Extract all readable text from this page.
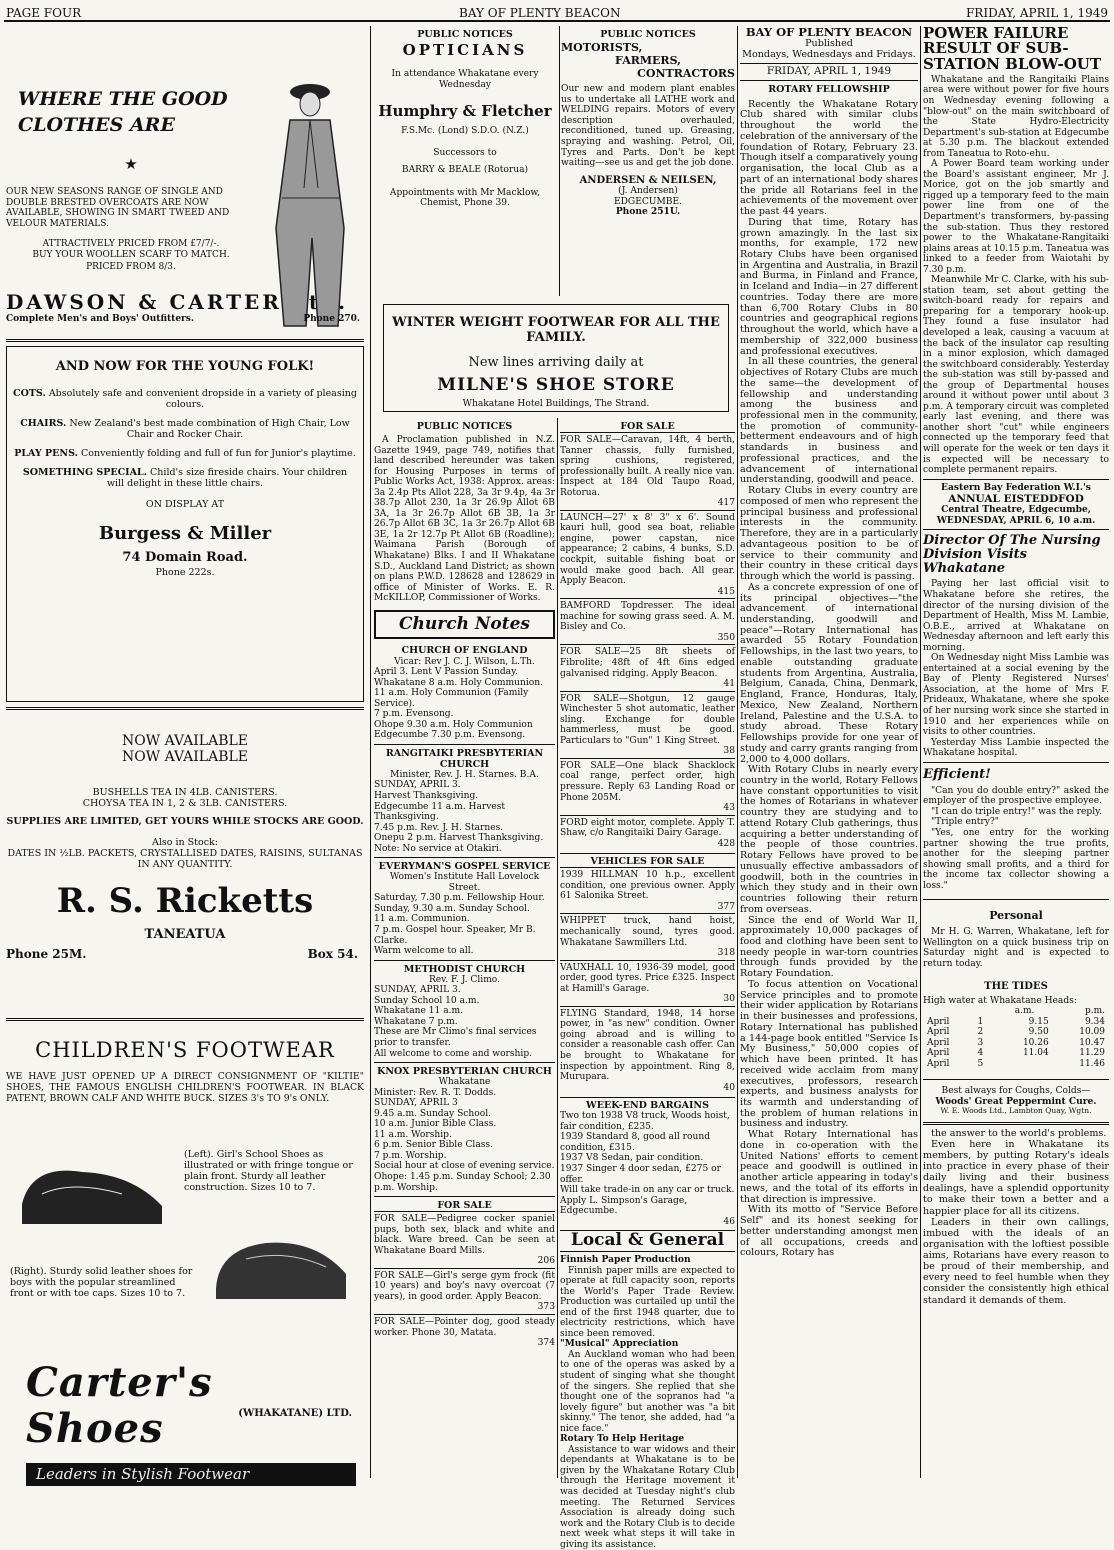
PAGE FOUR	BAY OF PLENTY BEACON	FRIDAY, APRIL 1, 1949
WHERE THE GOOD
CLOTHES ARE
★
OUR NEW SEASONS RANGE OF SINGLE AND DOUBLE BRESTED OVERCOATS ARE NOW AVAILABLE, SHOWING IN SMART TWEED AND VELOUR MATERIALS.
ATTRACTIVELY PRICED FROM £7/7/-.
BUY YOUR WOOLLEN SCARF TO MATCH.
PRICED FROM 8/3.
DAWSON & CARTER Ltd.
Complete Men's and Boys' Outfitters.	Phone 270.
AND NOW FOR THE YOUNG FOLK!
COTS. Absolutely safe and convenient dropside in a variety of pleasing colours.
CHAIRS. New Zealand's best made combination of High Chair, Low Chair and Rocker Chair.
PLAY PENS. Conveniently folding and full of fun for Junior's playtime.
SOMETHING SPECIAL. Child's size fireside chairs. Your children will delight in these little chairs.
ON DISPLAY AT
Burgess & Miller
74 Domain Road.
Phone 222s.
NOW AVAILABLE
NOW AVAILABLE
BUSHELLS TEA IN 4LB. CANISTERS.
CHOYSA TEA IN 1, 2 & 3LB. CANISTERS.
SUPPLIES ARE LIMITED, GET YOURS WHILE STOCKS ARE GOOD.
Also in Stock:
DATES IN ½LB. PACKETS, CRYSTALLISED DATES, RAISINS, SULTANAS IN ANY QUANTITY.
R. S. Ricketts
TANEATUA
Phone 25M.	Box 54.
CHILDREN'S FOOTWEAR
WE HAVE JUST OPENED UP A DIRECT CONSIGNMENT OF "KILTIE" SHOES, THE FAMOUS ENGLISH CHILDREN'S FOOTWEAR. IN BLACK PATENT, BROWN CALF AND WHITE BUCK. SIZES 3's TO 9's ONLY.
(Left). Girl's School Shoes as illustrated or with fringe tongue or plain front. Sturdy all leather construction. Sizes 10 to 7.
(Right). Sturdy solid leather shoes for boys with the popular streamlined front or with toe caps. Sizes 10 to 7.
Carter's Shoes	(WHAKATANE) LTD.
Leaders in Stylish Footwear
PUBLIC NOTICES
OPTICIANS
In attendance Whakatane every
Wednesday
Humphry & Fletcher
F.S.Mc. (Lond) S.D.O. (N.Z.)
Successors to
BARRY & BEALE (Rotorua)
Appointments with Mr Macklow, Chemist, Phone 39.
PUBLIC NOTICES
MOTORISTS,
FARMERS,
CONTRACTORS
Our new and modern plant enables us to undertake all LATHE work and WELDING repairs. Motors of every description overhauled, reconditioned, tuned up. Greasing, spraying and washing. Petrol, Oil, Tyres and Parts. Don't be kept waiting—see us and get the job done.
ANDERSEN & NEILSEN,
(J. Andersen)
EDGECUMBE.
Phone 251U.
WINTER WEIGHT FOOTWEAR FOR ALL THE FAMILY.
New lines arriving daily at
MILNE'S SHOE STORE
Whakatane Hotel Buildings, The Strand.
PUBLIC NOTICES

A Proclamation published in N.Z. Gazette 1949, page 749, notifies that land described hereunder was taken for Housing Purposes in terms of Public Works Act, 1938: Approx. areas: 3a 2.4p Pts Allot 228, 3a 3r 9.4p, 4a 3r 38.7p Allot 230, 1a 3r 26.9p Allot 6B 3A, 1a 3r 26.7p Allot 6B 3B, 1a 3r 26.7p Allot 6B 3C, 1a 3r 26.7p Allot 6B 3E, 1a 2r 12.7p Pt Allot 6B (Roadline); Waimana Parish (Borough of Whakatane) Blks. I and II Whakatane S.D., Auckland Land District; as shown on plans P.W.D. 128628 and 128629 in office of Minister of Works. E. R. McKILLOP, Commissioner of Works.

Church Notes
CHURCH OF ENGLAND
Vicar: Rev J. C. J. Wilson, L.Th.
April 3. Lent V Passion Sunday. Whakatane 8 a.m. Holy Communion.
11 a.m. Holy Communion (Family Service).
7 p.m. Evensong.
Ohope 9.30 a.m. Holy Communion
Edgecumbe 7.30 p.m. Evensong.
RANGITAIKI PRESBYTERIAN CHURCH
Minister, Rev. J. H. Starnes. B.A.
SUNDAY, APRIL 3.
Harvest Thanksgiving.
Edgecumbe 11 a.m. Harvest Thanksgiving.
7.45 p.m. Rev. J. H. Starnes.
Onepu 2 p.m. Harvest Thanksgiving.
Note: No service at Otakiri.
EVERYMAN'S GOSPEL SERVICE
Women's Institute Hall Lovelock Street.
Saturday, 7.30 p.m. Fellowship Hour.
Sunday, 9.30 a.m. Sunday School.
11 a.m. Communion.
7 p.m. Gospel hour. Speaker, Mr B. Clarke.
Warm welcome to all.
METHODIST CHURCH
Rev. F. J. Climo.
SUNDAY, APRIL 3.
Sunday School 10 a.m.
Whakatane 11 a.m.
Whakatane 7 p.m.
These are Mr Climo's final services prior to transfer.
All welcome to come and worship.
KNOX PRESBYTERIAN CHURCH
Whakatane
Minister: Rev. R. T. Dodds.
SUNDAY, APRIL 3
9.45 a.m. Sunday School.
10 a.m. Junior Bible Class.
11 a.m. Worship.
6 p.m. Senior Bible Class.
7 p.m. Worship.
Social hour at close of evening service.
Ohope: 1.45 p.m. Sunday School; 2.30 p.m. Worship.
FOR SALE
FOR SALE—Pedigree cocker spaniel pups, both sex, black and white and black. Ware breed. Can be seen at Whakatane Board Mills.
206
FOR SALE—Girl's serge gym frock (fit 10 years) and boy's navy overcoat (7 years), in good order. Apply Beacon.
373
FOR SALE—Pointer dog, good steady worker. Phone 30, Matata.
374
FOR SALE
FOR SALE—Caravan, 14ft, 4 berth, Tanner chassis, fully furnished, spring cushions, registered, professionally built. A really nice van. Inspect at 184 Old Taupo Road, Rotorua.
417
LAUNCH—27' x 8' 3" x 6'. Sound kauri hull, good sea boat, reliable engine, power capstan, nice appearance; 2 cabins, 4 bunks, S.D. cockpit, suitable fishing boat or would make good bach. All gear. Apply Beacon.
415
BAMFORD Topdresser. The ideal machine for sowing grass seed. A. M. Bisley and Co.
350
FOR SALE—25 8ft sheets of Fibrolite; 48ft of 4ft 6ins edged galvanised ridging. Apply Beacon.
41
FOR SALE—Shotgun, 12 gauge Winchester 5 shot automatic, leather sling. Exchange for double hammerless, must be good. Particulars to "Gun" 1 King Street.
38
FOR SALE—One black Shacklock coal range, perfect order, high pressure. Reply 63 Landing Road or Phone 205M.
43
FORD eight motor, complete. Apply T. Shaw, c/o Rangitaiki Dairy Garage.
428
VEHICLES FOR SALE
1939 HILLMAN 10 h.p., excellent condition, one previous owner. Apply 61 Salonika Street.
377
WHIPPET truck, hand hoist, mechanically sound, tyres good. Whakatane Sawmillers Ltd.
318
VAUXHALL 10, 1936-39 model, good order, good tyres. Price £325. Inspect at Hamill's Garage.
30
FLYING Standard, 1948, 14 horse power, in "as new" condition. Owner going abroad and is willing to consider a reasonable cash offer. Can be brought to Whakatane for inspection by appointment. Ring 8, Murupara.
40
WEEK-END BARGAINS
Two ton 1938 V8 truck, Woods hoist, fair condition, £235.
1939 Standard 8, good all round condition, £315.
1937 V8 Sedan, pair condition.
1937 Singer 4 door sedan, £275 or offer.
Will take trade-in on any car or truck.
Apply L. Simpson's Garage, Edgecumbe.
46
Local & General
Finnish Paper Production

Finnish paper mills are expected to operate at full capacity soon, reports the World's Paper Trade Review. Production was curtailed up until the end of the first 1948 quarter, due to electricity restrictions, which have since been removed.

"Musical" Appreciation

An Auckland woman who had been to one of the operas was asked by a student of singing what she thought of the singers. She replied that she thought one of the sopranos had "a lovely figure" but another was "a bit skinny." The tenor, she added, had "a nice face."

Rotary To Help Heritage

Assistance to war widows and their dependants at Whakatane is to be given by the Whakatane Rotary Club through the Heritage movement it was decided at Tuesday night's club meeting. The Returned Services Association is already doing such work and the Rotary Club is to decide next week what steps it will take in giving its assistance.

BAY OF PLENTY BEACON
Published
Mondays, Wednesdays and Fridays.
FRIDAY, APRIL 1, 1949
ROTARY FELLOWSHIP

Recently the Whakatane Rotary Club shared with similar clubs throughout the world the celebration of the anniversary of the foundation of Rotary, February 23. Though itself a comparatively young organisation, the local Club as a part of an international body shares the pride all Rotarians feel in the achievements of the movement over the past 44 years.

During that time, Rotary has grown amazingly. In the last six months, for example, 172 new Rotary Clubs have been organised in Argentina and Australia, in Brazil and Burma, in Finland and France, in Iceland and India—in 27 different countries. Today there are more than 6,700 Rotary Clubs in 80 countries and geographical regions throughout the world, which have a membership of 322,000 business and professional executives.

In all these countries, the general objectives of Rotary Clubs are much the same—the development of fellowship and understanding among the business and professional men in the community, the promotion of community-betterment endeavours and of high standards in business and professional practices, and the advancement of international understanding, goodwill and peace.

Rotary Clubs in every country are composed of men who represent the principal business and professional interests in the community. Therefore, they are in a particularly advantageous position to be of service to their community and their country in these critical days through which the world is passing.

As a concrete expression of one of its principal objectives—"the advancement of international understanding, goodwill and peace"—Rotary International has awarded 55 Rotary Foundation Fellowships, in the last two years, to enable outstanding graduate students from Argentina, Australia, Belgium, Canada, China, Denmark, England, France, Honduras, Italy, Mexico, New Zealand, Northern Ireland, Palestine and the U.S.A. to study abroad. These Rotary Fellowships provide for one year of study and carry grants ranging from 2,000 to 4,000 dollars.

With Rotary Clubs in nearly every country in the world, Rotary Fellows have constant opportunities to visit the homes of Rotarians in whatever country they are studying and to attend Rotary Club gatherings, thus acquiring a better understanding of the people of those countries. Rotary Fellows have proved to be unusually effective ambassadors of goodwill, both in the countries in which they study and in their own countries following their return from overseas.

Since the end of World War II, approximately 10,000 packages of food and clothing have been sent to needy people in war-torn countries through funds provided by the Rotary Foundation.

To focus attention on Vocational Service principles and to promote their wider application by Rotarians in their businesses and professions, Rotary International has published a 144-page book entitled "Service Is My Business," 50,000 copies of which have been printed. It has received wide acclaim from many executives, professors, research experts, and business analysts for its warmth and understanding of the problem of human relations in business and industry.

What Rotary International has done in co-operation with the United Nations' efforts to cement peace and goodwill is outlined in another article appearing in today's news, and the total of its efforts in that direction is impressive.

With its motto of "Service Before Self" and its honest seeking for better understanding amongst men of all occupations, creeds and colours, Rotary has

POWER FAILURE RESULT OF SUB-STATION BLOW-OUT

Whakatane and the Rangitaiki Plains area were without power for five hours on Wednesday evening following a "blow-out" on the main switchboard of the State Hydro-Electricity Department's sub-station at Edgecumbe at 5.30 p.m. The blackout extended from Taneatua to Roto-ehu.

A Power Board team working under the Board's assistant engineer, Mr J. Morice, got on the job smartly and rigged up a temporary feed to the main power line from one of the Department's transformers, by-passing the sub-station. Thus they restored power to the Whakatane-Rangitaiki plains areas at 10.15 p.m. Taneatua was linked to a feeder from Waiotahi by 7.30 p.m.

Meanwhile Mr C. Clarke, with his sub-station team, set about getting the switch-board ready for repairs and preparing for a temporary hook-up. They found a fuse insulator had developed a leak, causing a vacuum at the back of the insulator cap resulting in a minor explosion, which damaged the switchboard considerably. Yesterday the sub-station was still by-passed and the group of Departmental houses around it without power until about 3 p.m. A temporary circuit was completed early last evening, and there was another short "cut" while engineers connected up the temporary feed that will operate for the week or ten days it is expected will be necessary to complete permanent repairs.

Eastern Bay Federation W.I.'s
ANNUAL EISTEDDFOD
Central Theatre, Edgecumbe,
WEDNESDAY, APRIL 6, 10 a.m.
Director Of The Nursing Division Visits Whakatane

Paying her last official visit to Whakatane before she retires, the director of the nursing division of the Department of Health, Miss M. Lambie, O.B.E., arrived at Whakatane on Wednesday afternoon and left early this morning.

On Wednesday night Miss Lambie was entertained at a social evening by the Bay of Plenty Registered Nurses' Association, at the home of Mrs F. Prideaux, Whakatane, where she spoke of her nursing work since she started in 1910 and her experiences while on visits to other countries.

Yesterday Miss Lambie inspected the Whakatane hospital.

Efficient!

"Can you do double entry?" asked the employer of the prospective employee.

"I can do triple entry!" was the reply.

"Triple entry?"

"Yes, one entry for the working partner showing the true profits, another for the sleeping partner showing small profits, and a third for the income tax collector showing a loss."

Personal

Mr H. G. Warren, Whakatane, left for Wellington on a quick business trip on Saturday night and is expected to return today.

THE TIDES
High water at Whakatane Heads:
		a.m.	p.m.
April	1	9.15	9.34
April	2	9.50	10.09
April	3	10.26	10.47
April	4	11.04	11.29
April	5		11.46
Best always for Coughs, Colds—
Woods' Great Peppermint Cure.
W. E. Woods Ltd., Lambton Quay, Wgtn.

the answer to the world's problems.

Even here in Whakatane its members, by putting Rotary's ideals into practice in every phase of their daily living and their business dealings, have a splendid opportunity to make their town a better and a happier place for all its citizens.

Leaders in their own callings, imbued with the ideals of an organisation with the loftiest possible aims, Rotarians have every reason to be proud of their membership, and every need to feel humble when they consider the consistently high ethical standard it demands of them.
